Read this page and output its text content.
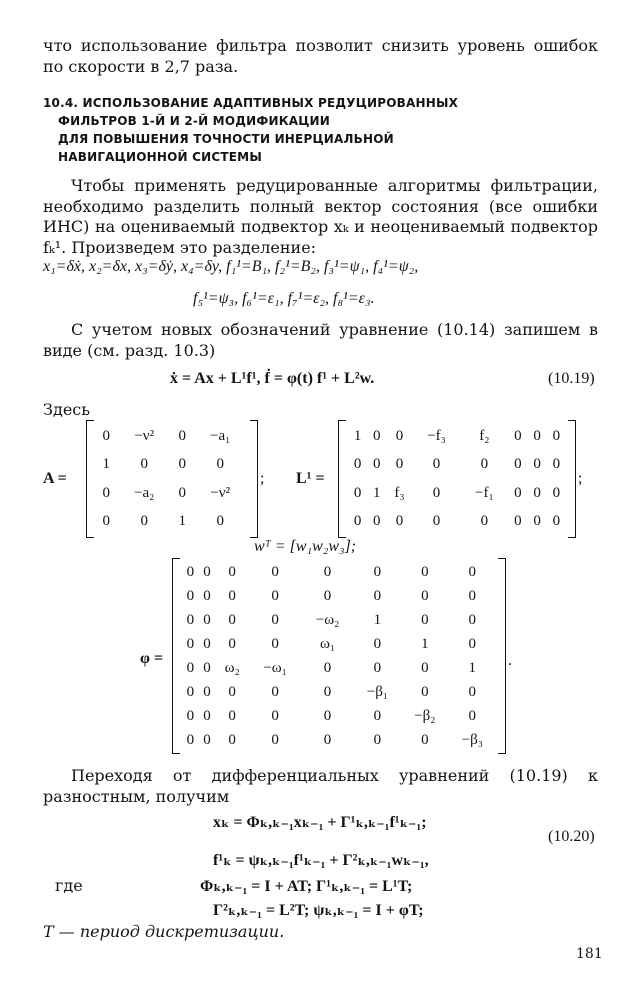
что использование фильтра позволит снизить уровень ошибок по скорости в 2,7 раза.
10.4. ИСПОЛЬЗОВАНИЕ АДАПТИВНЫХ РЕДУЦИРОВАННЫХ
ФИЛЬТРОВ 1-Й И 2-Й МОДИФИКАЦИИ
ДЛЯ ПОВЫШЕНИЯ ТОЧНОСТИ ИНЕРЦИАЛЬНОЙ
НАВИГАЦИОННОЙ СИСТЕМЫ
Чтобы применять редуцированные алгоритмы фильтрации, необходимо разделить полный вектор состояния (все ошибки ИНС) на оцениваемый подвектор xₖ и неоцениваемый подвектор fₖ¹. Произведем это разделение:
x₁=δẋ, x₂=δx, x₃=δẏ, x₄=δy, f₁¹=B₁, f₂¹=B₂, f₃¹=ψ₁, f₄¹=ψ₂,
f₅¹=ψ₃, f₆¹=ε₁, f₇¹=ε₂, f₈¹=ε₃.
С учетом новых обозначений уравнение (10.14) запишем в виде (см. разд. 10.3)
ẋ = Ax + L¹f¹, ḟ = φ(t) f¹ + L²w.	(10.19)
Здесь
A =
0	−ν²	0	−a₁
1	0	0	0
0	−a₂	0	−ν²
0	0	1	0
; L¹ =
1	0	0	−f₃	f₂	0	0	0
0	0	0	0	0	0	0	0
0	1	f₃	0	−f₁	0	0	0
0	0	0	0	0	0	0	0
;
wᵀ = [w₁w₂w₃];
φ =
0	0	0	0	0	0	0	0
0	0	0	0	0	0	0	0
0	0	0	0	−ω₂	1	0	0
0	0	0	0	ω₁	0	1	0
0	0	ω₂	−ω₁	0	0	0	1
0	0	0	0	0	−β₁	0	0
0	0	0	0	0	0	−β₂	0
0	0	0	0	0	0	0	−β₃
.
Переходя от дифференциальных уравнений (10.19) к разностным, получим
xₖ = Φₖ,ₖ₋₁xₖ₋₁ + Γ¹ₖ,ₖ₋₁f¹ₖ₋₁;
(10.20)
f¹ₖ = ψₖ,ₖ₋₁f¹ₖ₋₁ + Γ²ₖ,ₖ₋₁wₖ₋₁,
где	Φₖ,ₖ₋₁ = I + AT; Γ¹ₖ,ₖ₋₁ = L¹T;
Γ²ₖ,ₖ₋₁ = L²T; ψₖ,ₖ₋₁ = I + φT;
T — период дискретизации.
181
